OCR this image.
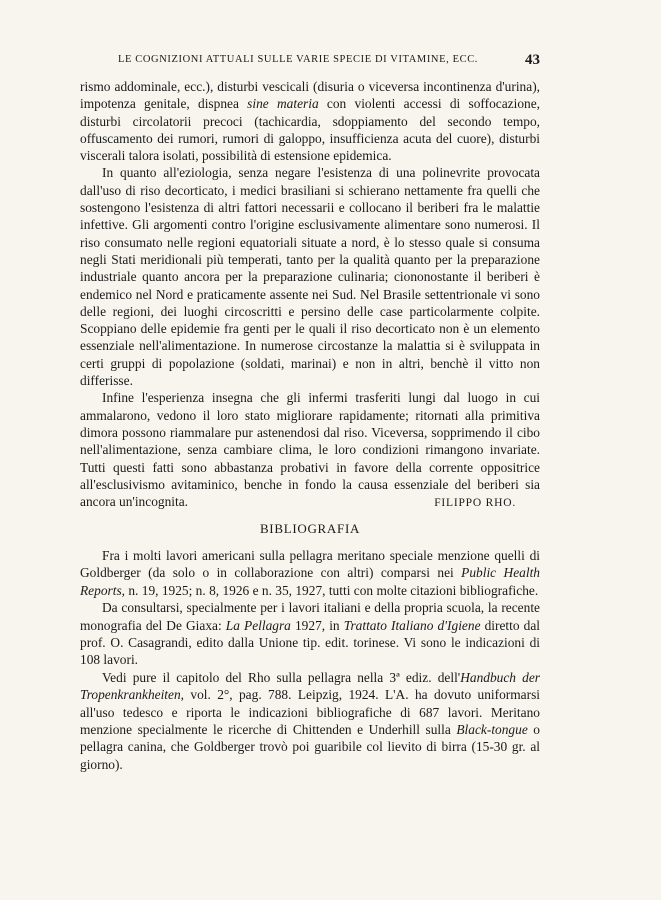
LE COGNIZIONI ATTUALI SULLE VARIE SPECIE DI VITAMINE, ECC.	43

rismo addominale, ecc.), disturbi vescicali (disuria o viceversa incontinenza d'urina), impotenza genitale, dispnea sine materia con violenti accessi di soffocazione, disturbi circolatorii precoci (tachicardia, sdoppiamento del secondo tempo, offuscamento dei rumori, rumori di galoppo, insufficienza acuta del cuore), disturbi viscerali talora isolati, possibilità di estensione epidemica.

In quanto all'eziologia, senza negare l'esistenza di una polinevrite provocata dall'uso di riso decorticato, i medici brasiliani si schierano nettamente fra quelli che sostengono l'esistenza di altri fattori necessarii e collocano il beriberi fra le malattie infettive. Gli argomenti contro l'origine esclusivamente alimentare sono numerosi. Il riso consumato nelle regioni equatoriali situate a nord, è lo stesso quale si consuma negli Stati meridionali più temperati, tanto per la qualità quanto per la preparazione industriale quanto ancora per la preparazione culinaria; ciononostante il beriberi è endemico nel Nord e praticamente assente nei Sud. Nel Brasile settentrionale vi sono delle regioni, dei luoghi circoscritti e persino delle case particolarmente colpite. Scoppiano delle epidemie fra genti per le quali il riso decorticato non è un elemento essenziale nell'alimentazione. In numerose circostanze la malattia si è sviluppata in certi gruppi di popolazione (soldati, marinai) e non in altri, benchè il vitto non differisse.

Infine l'esperienza insegna che gli infermi trasferiti lungi dal luogo in cui ammalarono, vedono il loro stato migliorare rapidamente; ritornati alla primitiva dimora possono riammalare pur astenendosi dal riso. Viceversa, sopprimendo il cibo nell'alimentazione, senza cambiare clima, le loro condizioni rimangono invariate. Tutti questi fatti sono abbastanza probativi in favore della corrente oppositrice all'esclusivismo avitaminico, benche in fondo la causa essenziale del beriberi sia ancora un'incognita.	FILIPPO RHO.
BIBLIOGRAFIA

Fra i molti lavori americani sulla pellagra meritano speciale menzione quelli di Goldberger (da solo o in collaborazione con altri) comparsi nei Public Health Reports, n. 19, 1925; n. 8, 1926 e n. 35, 1927, tutti con molte citazioni bibliografiche.

Da consultarsi, specialmente per i lavori italiani e della propria scuola, la recente monografia del De Giaxa: La Pellagra 1927, in Trattato Italiano d'Igiene diretto dal prof. O. Casagrandi, edito dalla Unione tip. edit. torinese. Vi sono le indicazioni di 108 lavori.

Vedi pure il capitolo del Rho sulla pellagra nella 3ª ediz. dell'Handbuch der Tropenkrankheiten, vol. 2°, pag. 788. Leipzig, 1924. L'A. ha dovuto uniformarsi all'uso tedesco e riporta le indicazioni bibliografiche di 687 lavori. Meritano menzione specialmente le ricerche di Chittenden e Underhill sulla Black-tongue o pellagra canina, che Goldberger trovò poi guaribile col lievito di birra (15-30 gr. al giorno).
